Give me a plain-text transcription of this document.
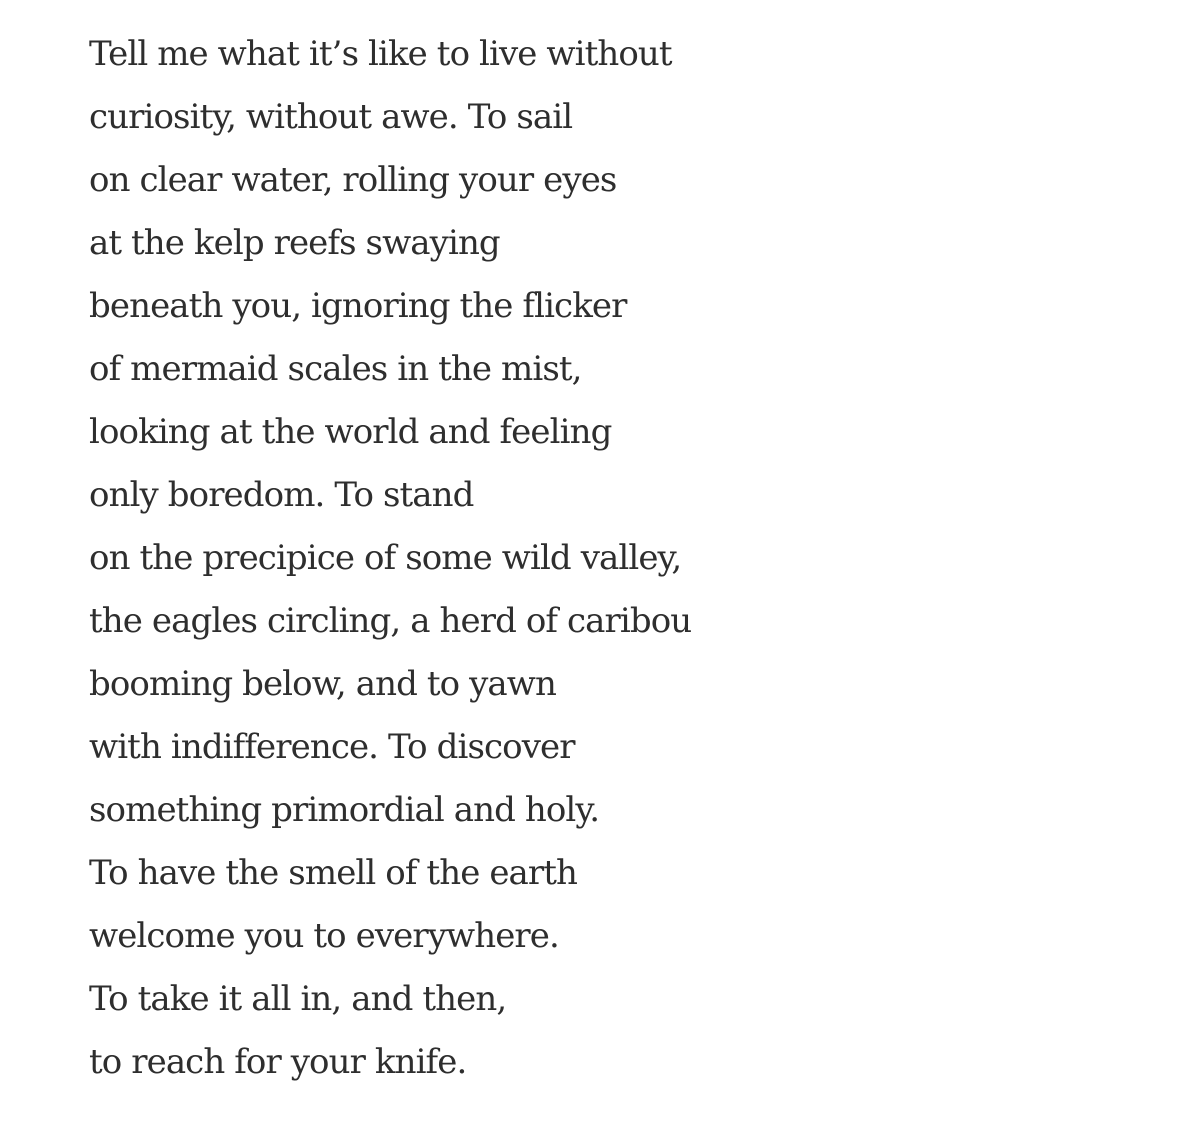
Tell me what it’s like to live without
curiosity, without awe. To sail
on clear water, rolling your eyes
at the kelp reefs swaying
beneath you, ignoring the flicker
of mermaid scales in the mist,
looking at the world and feeling
only boredom. To stand
on the precipice of some wild valley,
the eagles circling, a herd of caribou
booming below, and to yawn
with indifference. To discover
something primordial and holy.
To have the smell of the earth
welcome you to everywhere.
To take it all in, and then,
to reach for your knife.
